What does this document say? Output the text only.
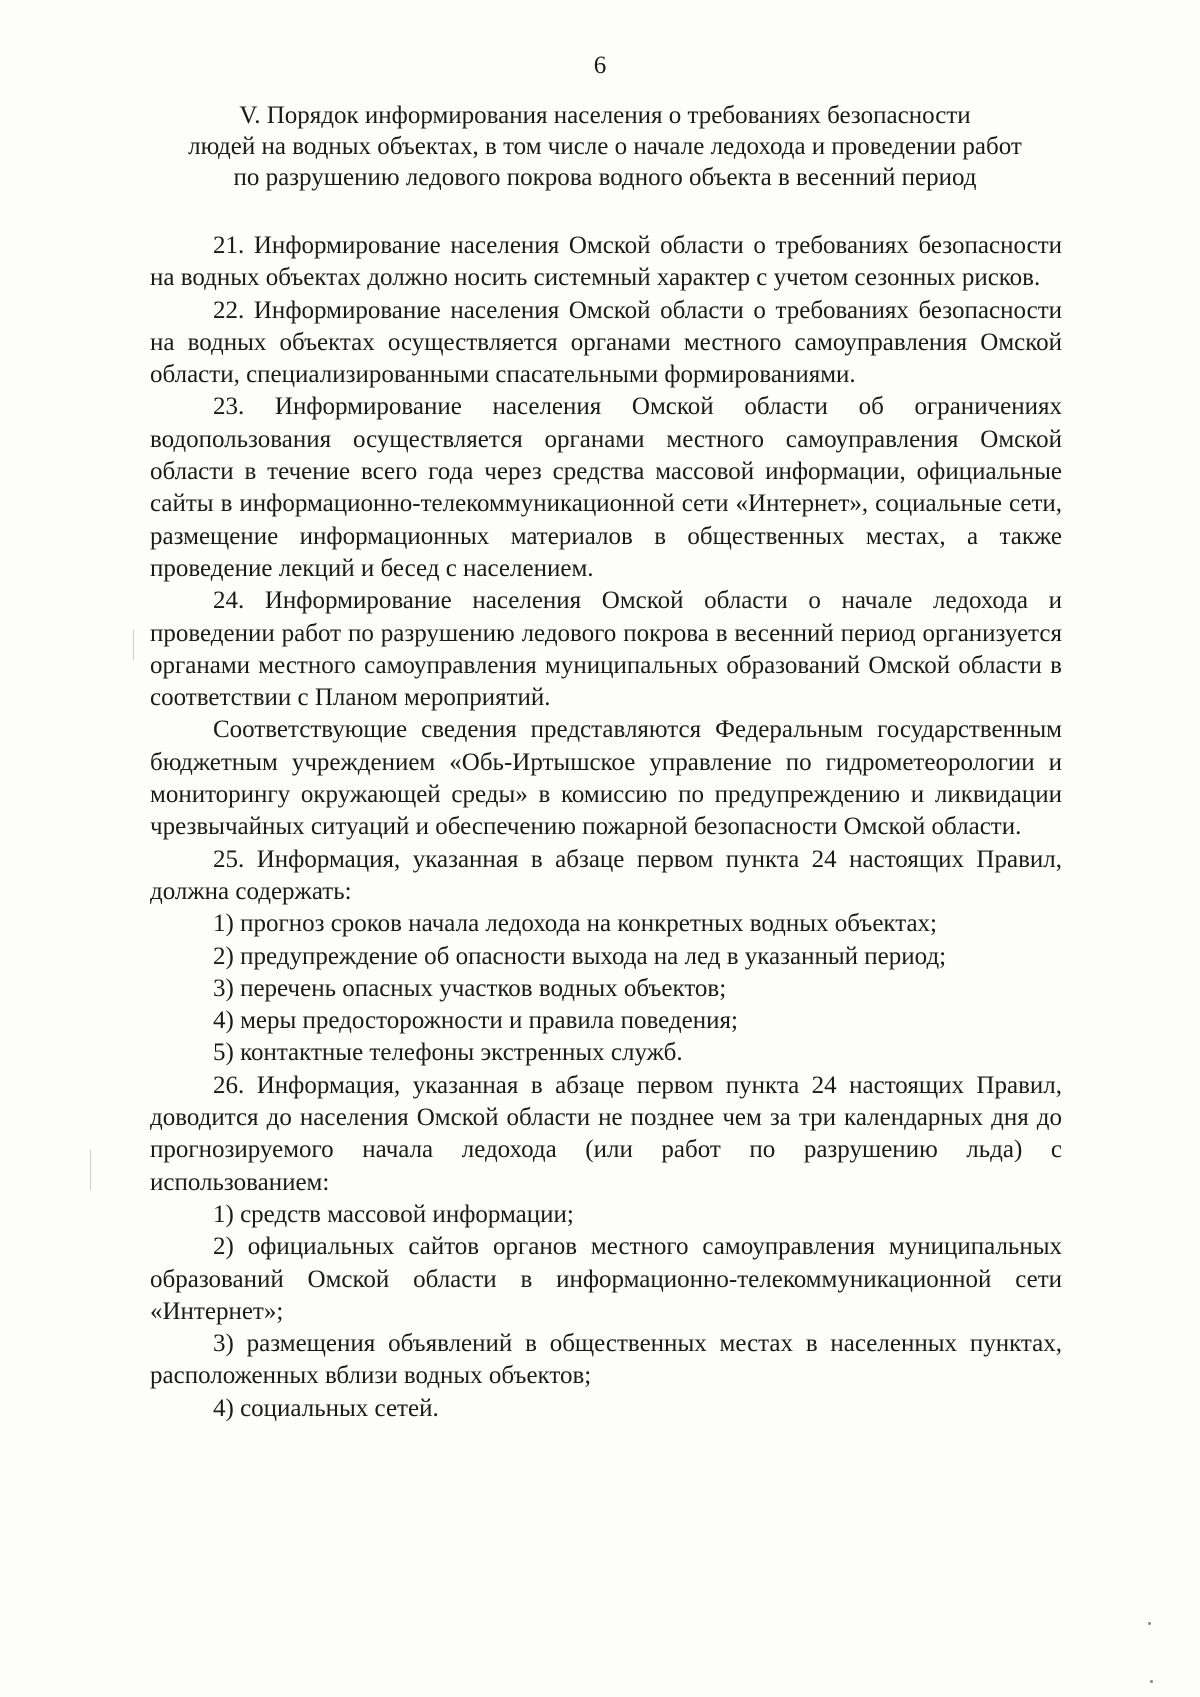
6
V. Порядок информирования населения о требованиях безопасности
людей на водных объектах, в том числе о начале ледохода и проведении работ
по разрушению ледового покрова водного объекта в весенний период

21. Информирование населения Омской области о требованиях безопасности на водных объектах должно носить системный характер с учетом сезонных рисков.

22. Информирование населения Омской области о требованиях безопасности на водных объектах осуществляется органами местного самоуправления Омской области, специализированными спасательными формированиями.

23. Информирование населения Омской области об ограничениях водопользования осуществляется органами местного самоуправления Омской области в течение всего года через средства массовой информации, официальные сайты в информационно-телекоммуникационной сети «Интернет», социальные сети, размещение информационных материалов в общественных местах, а также проведение лекций и бесед с населением.

24. Информирование населения Омской области о начале ледохода и проведении работ по разрушению ледового покрова в весенний период организуется органами местного самоуправления муниципальных образований Омской области в соответствии с Планом мероприятий.

Соответствующие сведения представляются Федеральным государственным бюджетным учреждением «Обь-Иртышское управление по гидрометеорологии и мониторингу окружающей среды» в комиссию по предупреждению и ликвидации чрезвычайных ситуаций и обеспечению пожарной безопасности Омской области.

25. Информация, указанная в абзаце первом пункта 24 настоящих Правил, должна содержать:

1) прогноз сроков начала ледохода на конкретных водных объектах;

2) предупреждение об опасности выхода на лед в указанный период;

3) перечень опасных участков водных объектов;

4) меры предосторожности и правила поведения;

5) контактные телефоны экстренных служб.

26. Информация, указанная в абзаце первом пункта 24 настоящих Правил, доводится до населения Омской области не позднее чем за три календарных дня до прогнозируемого начала ледохода (или работ по разрушению льда) с использованием:

1) средств массовой информации;

2) официальных сайтов органов местного самоуправления муниципальных образований Омской области в информационно-телекоммуникационной сети «Интернет»;

3) размещения объявлений в общественных местах в населенных пунктах, расположенных вблизи водных объектов;

4) социальных сетей.
